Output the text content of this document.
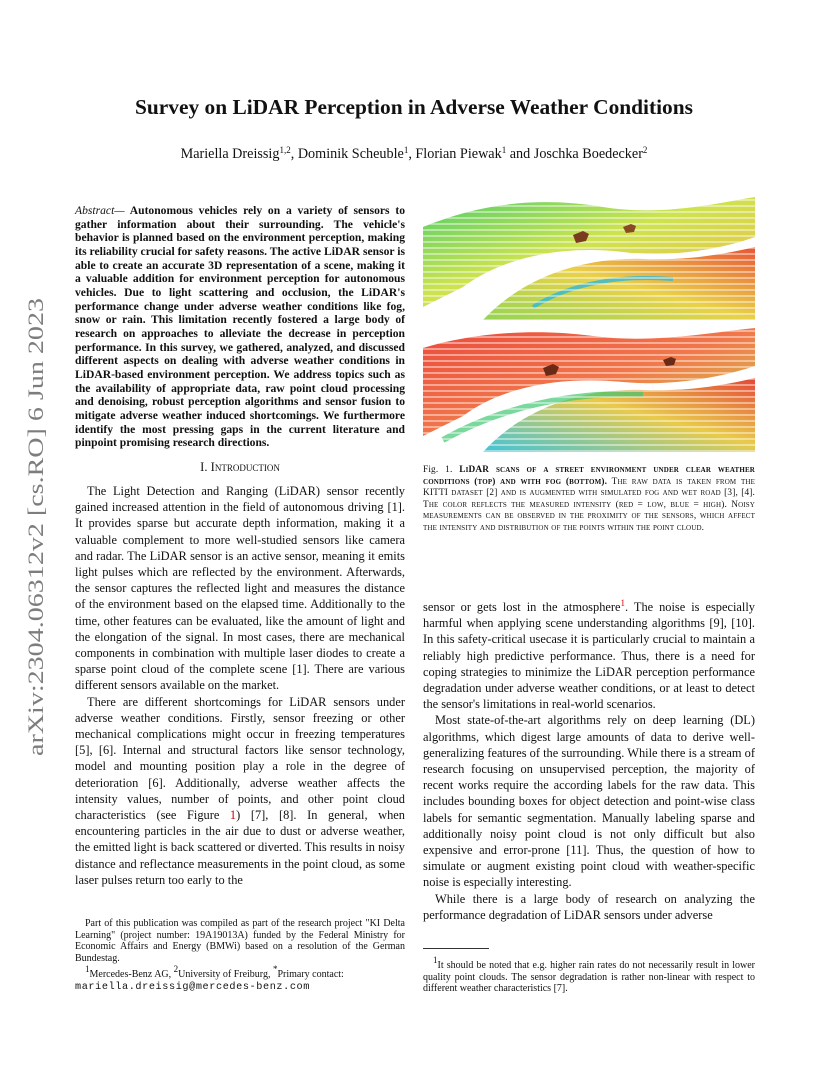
arXiv:2304.06312v2 [cs.RO] 6 Jun 2023
Survey on LiDAR Perception in Adverse Weather Conditions
Mariella Dreissig$^{1,2}$, Dominik Scheuble$^1$, Florian Piewak$^1$ and Joschka Boedecker$^2$

Abstract— Autonomous vehicles rely on a variety of sensors to gather information about their surrounding. The vehicle's behavior is planned based on the environment perception, making its reliability crucial for safety reasons. The active LiDAR sensor is able to create an accurate 3D representation of a scene, making it a valuable addition for environment perception for autonomous vehicles. Due to light scattering and occlusion, the LiDAR's performance change under adverse weather conditions like fog, snow or rain. This limitation recently fostered a large body of research on approaches to alleviate the decrease in perception performance. In this survey, we gathered, analyzed, and discussed different aspects on dealing with adverse weather conditions in LiDAR-based environment perception. We address topics such as the availability of appropriate data, raw point cloud processing and denoising, robust perception algorithms and sensor fusion to mitigate adverse weather induced shortcomings. We furthermore identify the most pressing gaps in the current literature and pinpoint promising research directions.

I. Introduction

The Light Detection and Ranging (LiDAR) sensor recently gained increased attention in the field of autonomous driving [1]. It provides sparse but accurate depth information, making it a valuable complement to more well-studied sensors like camera and radar. The LiDAR sensor is an active sensor, meaning it emits light pulses which are reflected by the environment. Afterwards, the sensor captures the reflected light and measures the distance of the environment based on the elapsed time. Additionally to the time, other features can be evaluated, like the amount of light and the elongation of the signal. In most cases, there are mechanical components in combination with multiple laser diodes to create a sparse point cloud of the complete scene [1]. There are various different sensors available on the market.

There are different shortcomings for LiDAR sensors under adverse weather conditions. Firstly, sensor freezing or other mechanical complications might occur in freezing temperatures [5], [6]. Internal and structural factors like sensor technology, model and mounting position play a role in the degree of deterioration [6]. Additionally, adverse weather affects the intensity values, number of points, and other point cloud characteristics (see Figure 1) [7], [8]. In general, when encountering particles in the air due to dust or adverse weather, the emitted light is back scattered or diverted. This results in noisy distance and reflectance measurements in the point cloud, as some laser pulses return too early to the

Part of this publication was compiled as part of the research project "KI Delta Learning" (project number: 19A19013A) funded by the Federal Ministry for Economic Affairs and Energy (BMWi) based on a resolution of the German Bundestag.

$^1$Mercedes-Benz AG, $^2$University of Freiburg, *Primary contact:

mariella.dreissig@mercedes-benz.com

Fig. 1. LiDAR scans of a street environment under clear weather conditions (top) and with fog (bottom). The raw data is taken from the KITTI dataset [2] and is augmented with simulated fog and wet road [3], [4]. The color reflects the measured intensity (red = low, blue = high). Noisy measurements can be observed in the proximity of the sensors, which affect the intensity and distribution of the points within the point cloud.

sensor or gets lost in the atmosphere$^1$. The noise is especially harmful when applying scene understanding algorithms [9], [10]. In this safety-critical usecase it is particularly crucial to maintain a reliably high predictive performance. Thus, there is a need for coping strategies to minimize the LiDAR perception performance degradation under adverse weather conditions, or at least to detect the sensor's limitations in real-world scenarios.

Most state-of-the-art algorithms rely on deep learning (DL) algorithms, which digest large amounts of data to derive well-generalizing features of the surrounding. While there is a stream of research focusing on unsupervised perception, the majority of recent works require the according labels for the raw data. This includes bounding boxes for object detection and point-wise class labels for semantic segmentation. Manually labeling sparse and additionally noisy point cloud is not only difficult but also expensive and error-prone [11]. Thus, the question of how to simulate or augment existing point cloud with weather-specific noise is especially interesting.

While there is a large body of research on analyzing the performance degradation of LiDAR sensors under adverse

$^1$It should be noted that e.g. higher rain rates do not necessarily result in lower quality point clouds. The sensor degradation is rather non-linear with respect to different weather characteristics [7].
